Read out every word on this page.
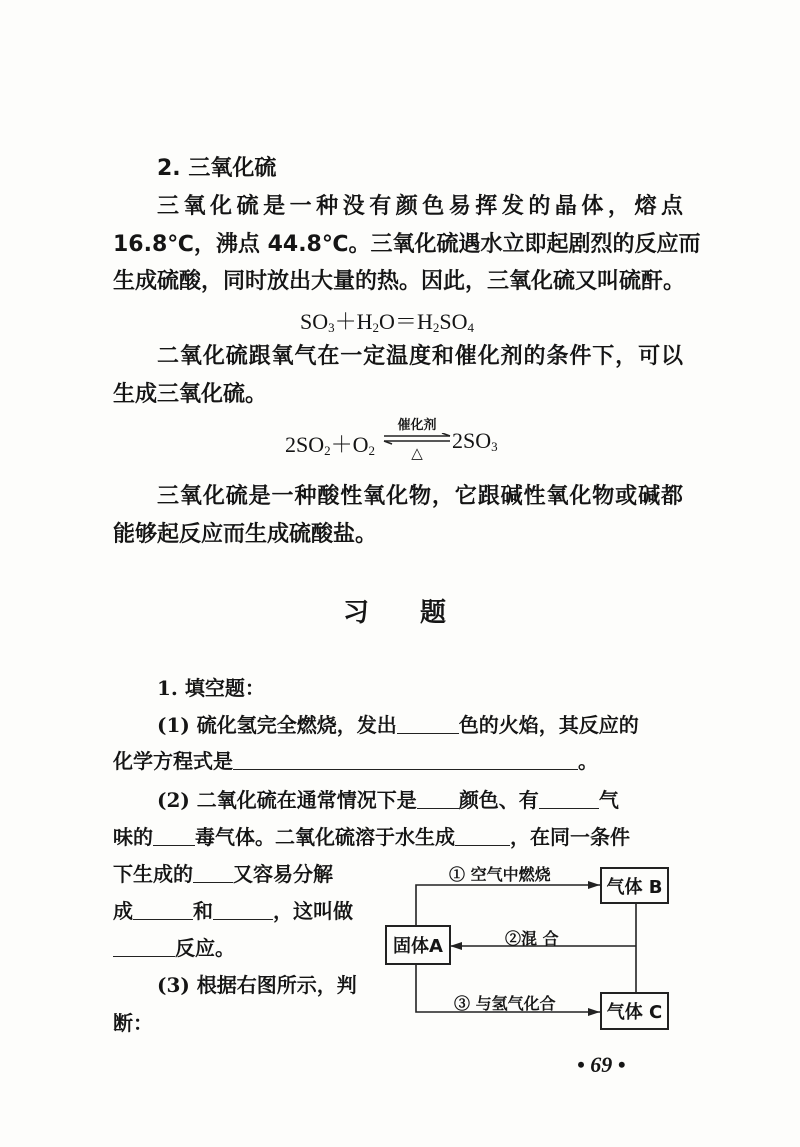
2. 三氧化硫
三氧化硫是一种没有颜色易挥发的晶体，熔点
16.8℃，沸点 44.8℃。三氧化硫遇水立即起剧烈的反应而
生成硫酸，同时放出大量的热。因此，三氧化硫又叫硫酐。
$SO_3+H_2O=H_2SO_4$
二氧化硫跟氧气在一定温度和催化剂的条件下，可以
生成三氧化硫。
$2SO_2+O_2$
催化剂
△	$2SO_3$
三氧化硫是一种酸性氧化物，它跟碱性氧化物或碱都
能够起反应而生成硫酸盐。
习 题
1. 填空题：
(1) 硫化氢完全燃烧，发出	色的火焰，其反应的
化学方程式是	。
(2) 二氧化硫在通常情况下是 颜色、有	气
味的 毒气体。二氧化硫溶于水生成	，在同一条件
下生成的 又容易分解
成	和	，这叫做
反应。
(3) 根据右图所示，判
断：
固体A
气体 B
气体 C
① 空气中燃烧
②混 合
③ 与氢气化合
• 69 •
